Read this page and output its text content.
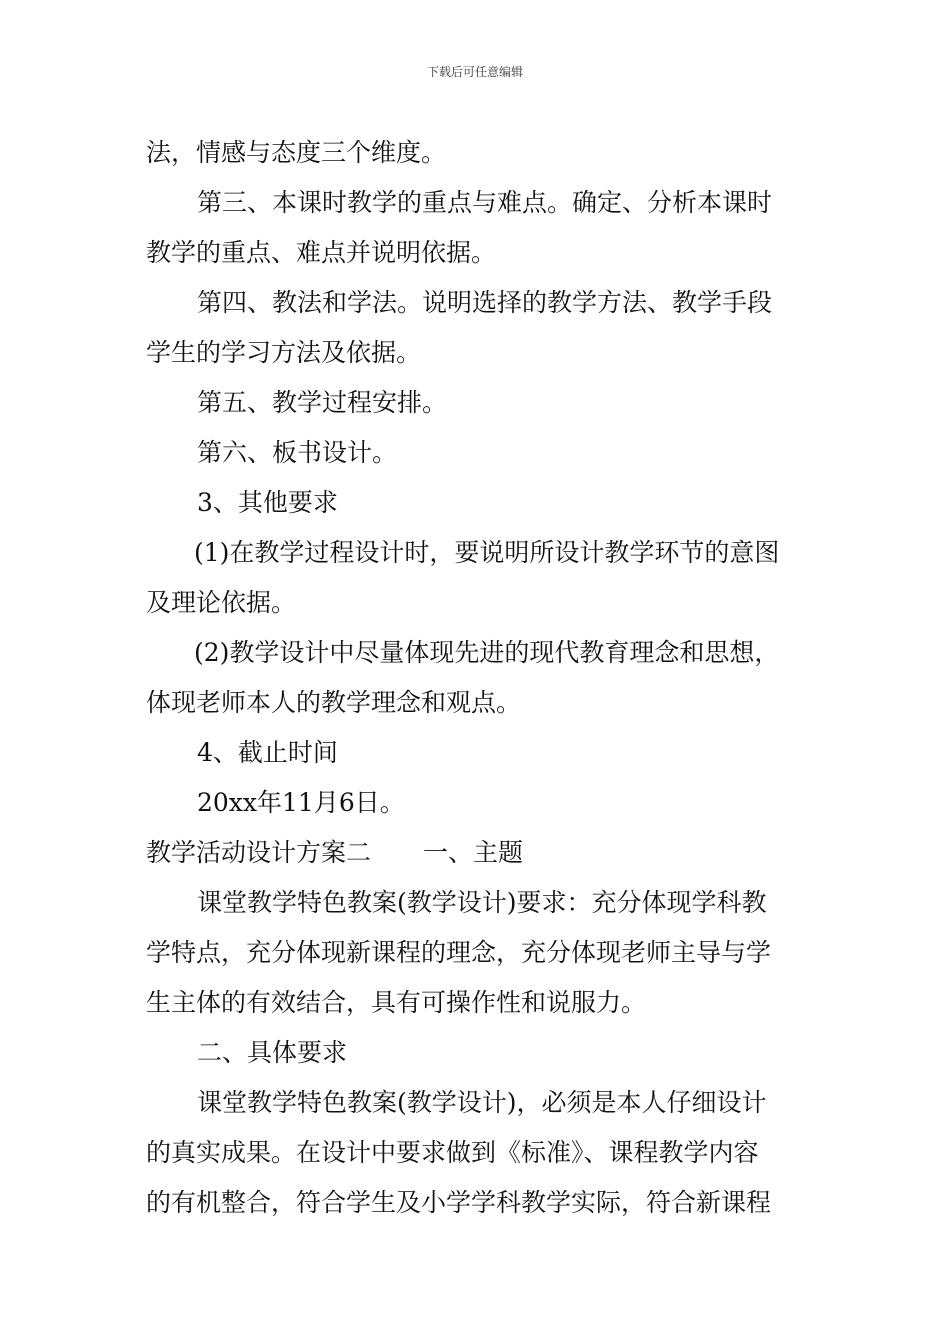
下载后可任意编辑
法，情感与态度三个维度。
第三、本课时教学的重点与难点。确定、分析本课时
教学的重点、难点并说明依据。
第四、教法和学法。说明选择的教学方法、教学手段
学生的学习方法及依据。
第五、教学过程安排。
第六、板书设计。
3、其他要求
(1)在教学过程设计时，要说明所设计教学环节的意图
及理论依据。
(2)教学设计中尽量体现先进的现代教育理念和思想，
体现老师本人的教学理念和观点。
4、截止时间
20xx年11月6日。
教学活动设计方案二 一、主题
课堂教学特色教案(教学设计)要求：充分体现学科教
学特点，充分体现新课程的理念，充分体现老师主导与学
生主体的有效结合，具有可操作性和说服力。
二、具体要求
课堂教学特色教案(教学设计)，必须是本人仔细设计
的真实成果。在设计中要求做到《标准》、课程教学内容
的有机整合，符合学生及小学学科教学实际，符合新课程
